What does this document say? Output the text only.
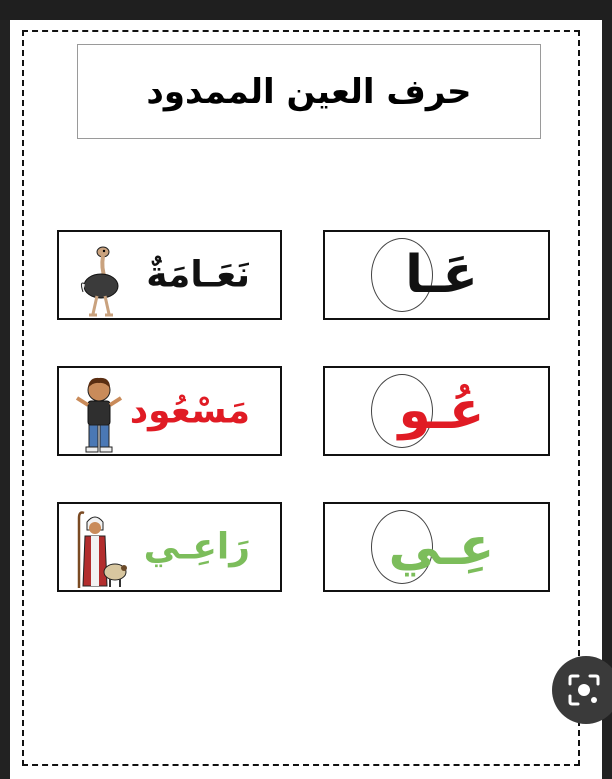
حرف العين الممدود
نَعَـامَةٌ	عَـا
مَسْعُود	عُـو
رَاعِـي	عِـي
